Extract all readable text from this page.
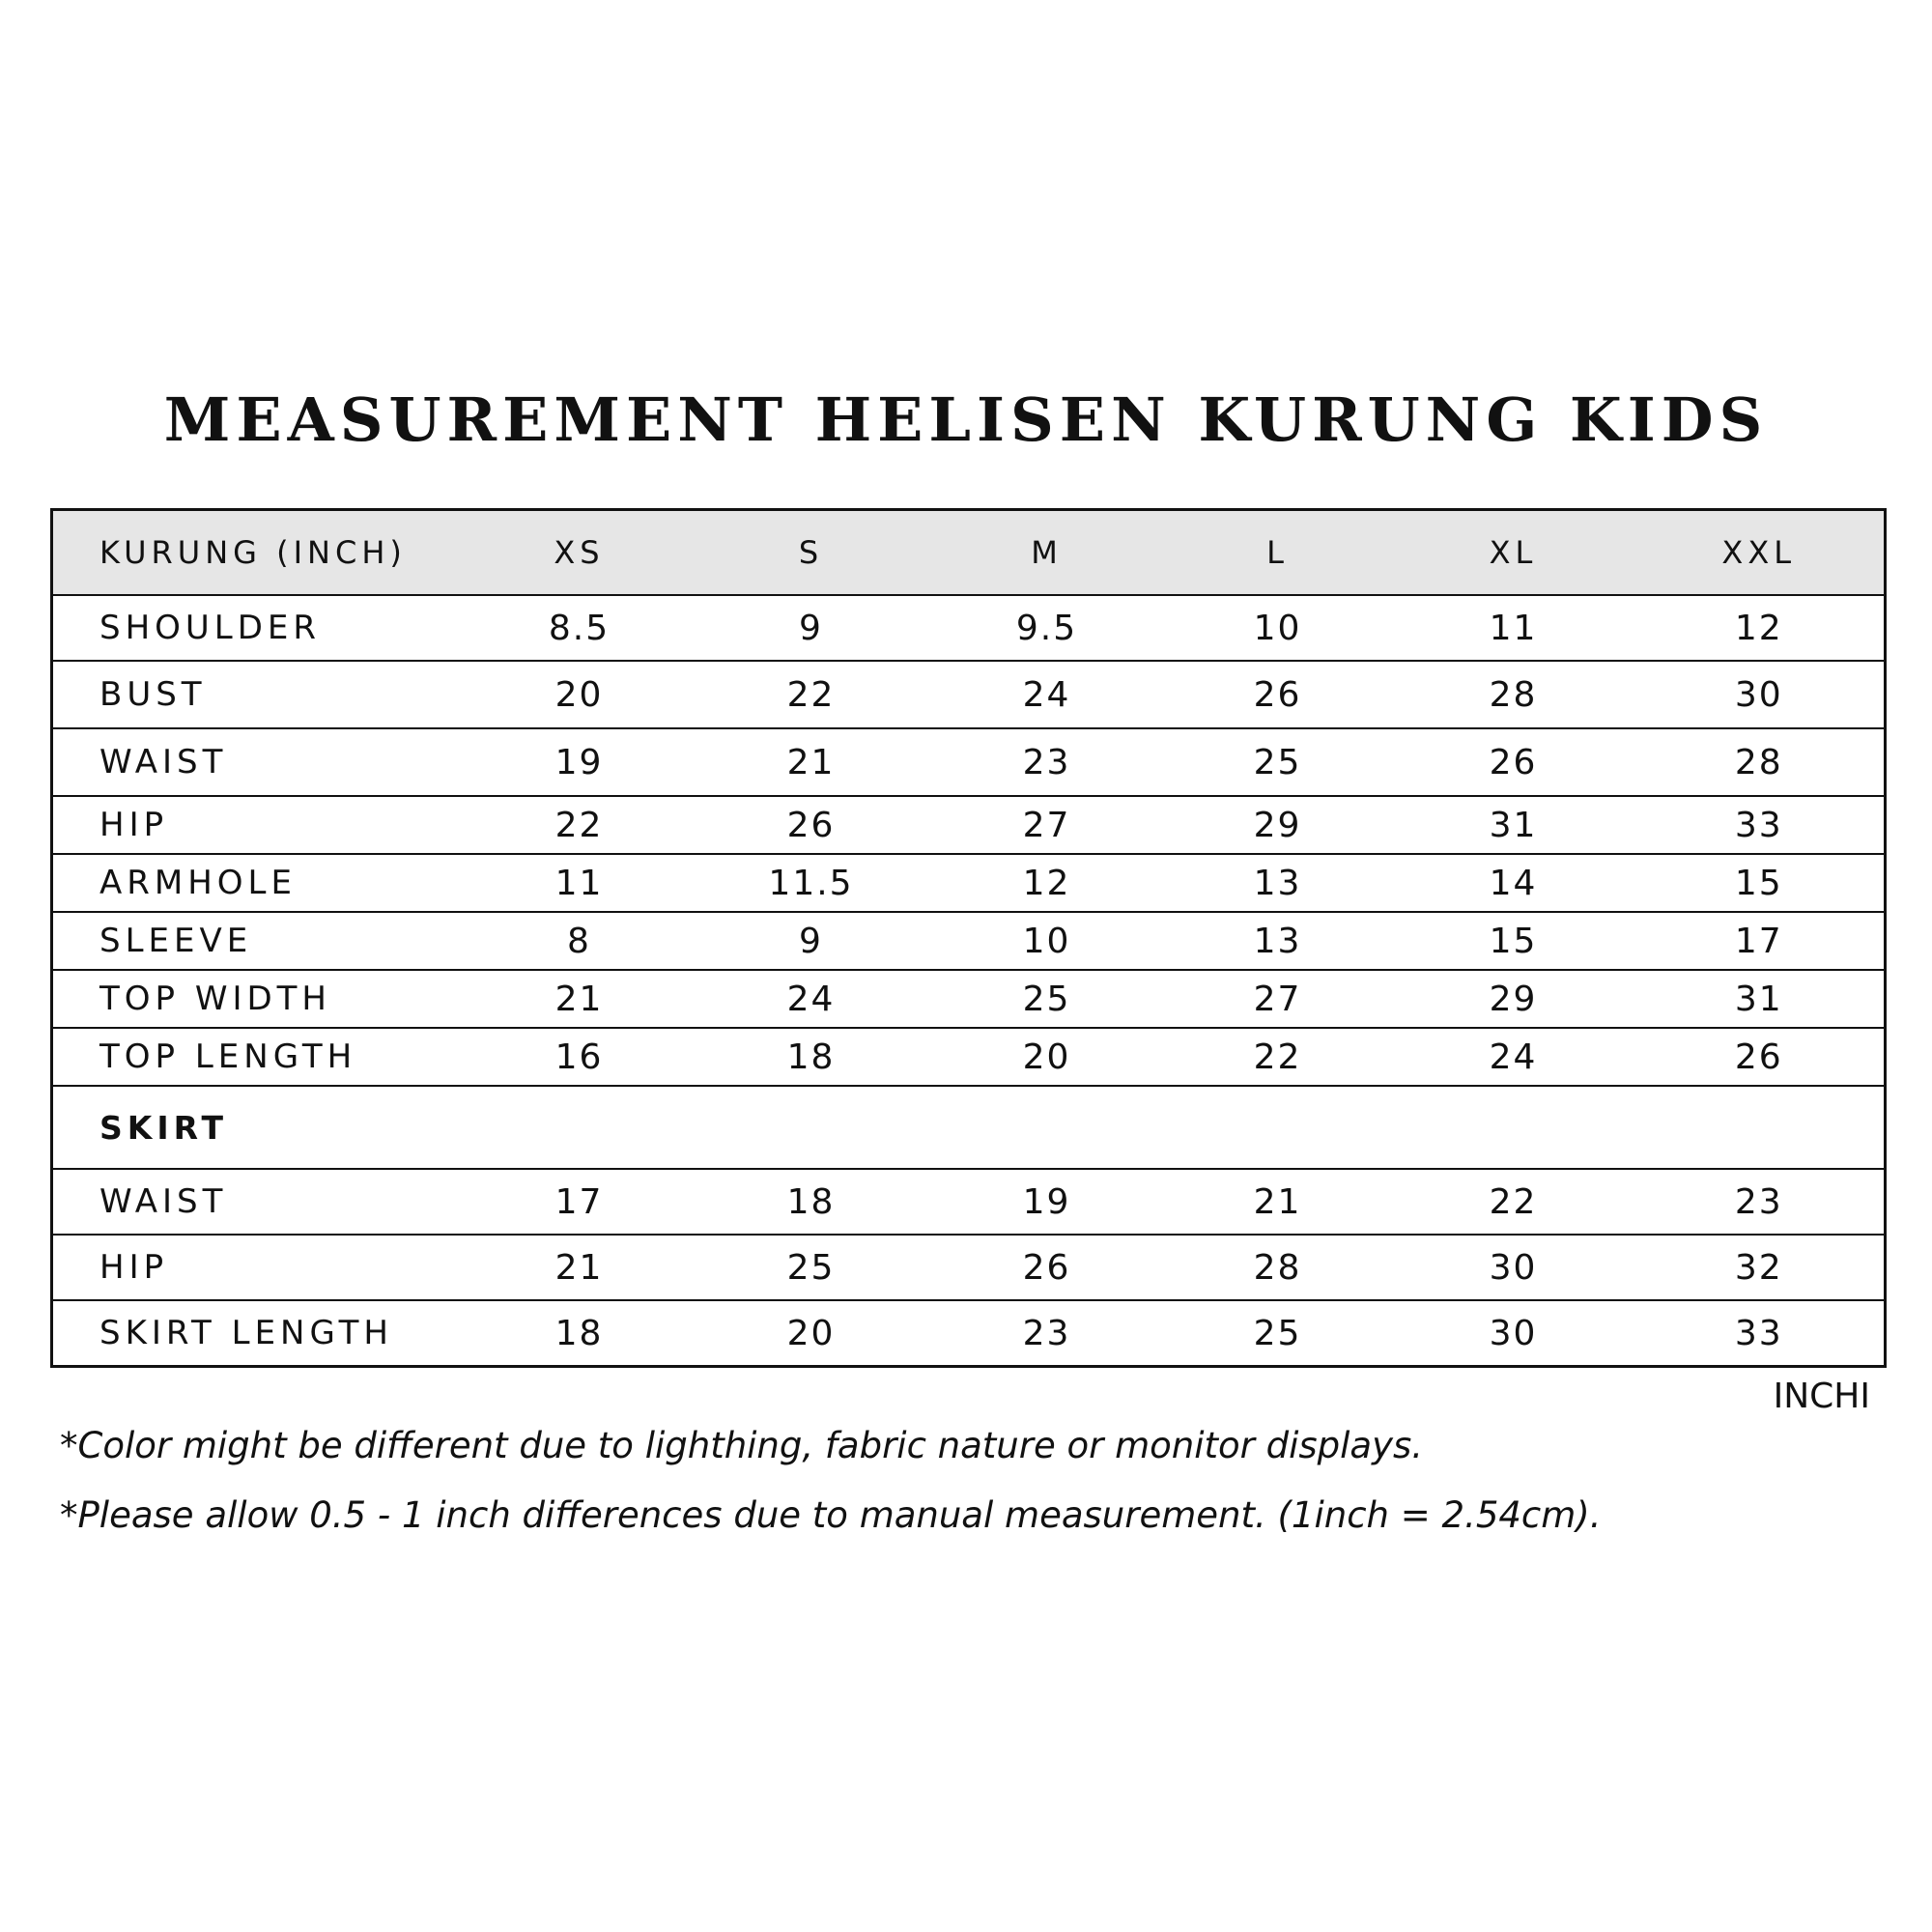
MEASUREMENT HELISEN KURUNG KIDS
KURUNG (INCH)	XS	S	M	L	XL	XXL
SHOULDER	8.5	9	9.5	10	11	12
BUST	20	22	24	26	28	30
WAIST	19	21	23	25	26	28
HIP	22	26	27	29	31	33
ARMHOLE	11	11.5	12	13	14	15
SLEEVE	8	9	10	13	15	17
TOP WIDTH	21	24	25	27	29	31
TOP LENGTH	16	18	20	22	24	26
SKIRT						
WAIST	17	18	19	21	22	23
HIP	21	25	26	28	30	32
SKIRT LENGTH	18	20	23	25	30	33
INCHI
*Color might be different due to lighthing, fabric nature or monitor displays.
*Please allow 0.5 - 1 inch differences due to manual measurement. (1inch = 2.54cm).
